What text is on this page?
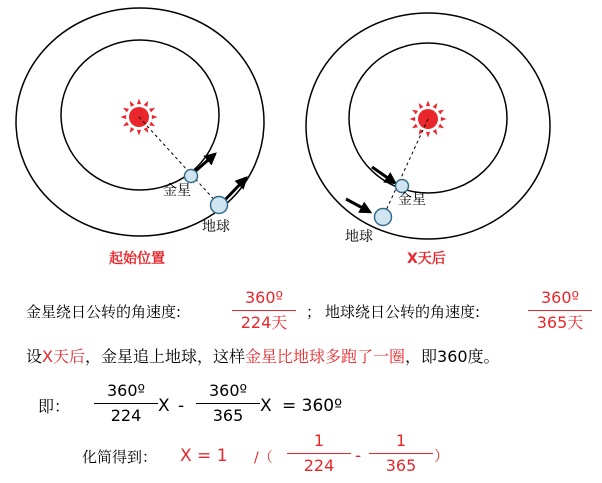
金星
地球
金星
地球
起始位置	X天后
金星绕日公转的角速度:
360º
224天
； 地球绕日公转的角速度:
360º
365天
设X天后，金星追上地球，这样金星比地球多跑了一圈，即360度。
即：
360º
224 X -
360º
365 X = 360º
化简得到： X = 1 /（
1
224	-
1
365	）
